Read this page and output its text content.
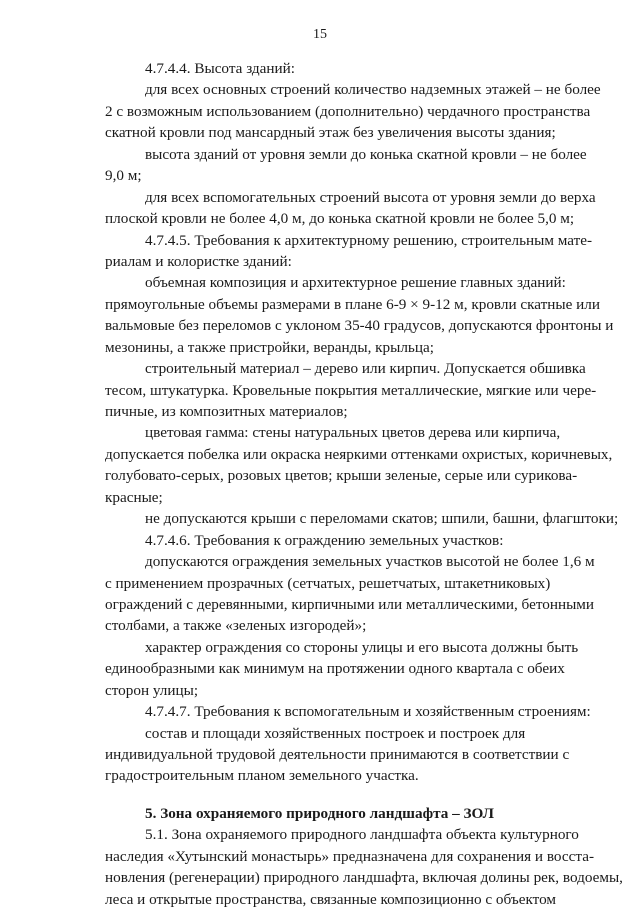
15
4.7.4.4. Высота зданий:
для всех основных строений количество надземных этажей – не более
2 с возможным использованием (дополнительно) чердачного пространства
скатной кровли под мансардный этаж без увеличения высоты здания;
высота зданий от уровня земли до конька скатной кровли – не более
9,0 м;
для всех вспомогательных строений высота от уровня земли до верха
плоской кровли не более 4,0 м, до конька скатной кровли не более 5,0 м;
4.7.4.5. Требования к архитектурному решению, строительным мате-
риалам и колористке зданий:
объемная композиция и архитектурное решение главных зданий:
прямоугольные объемы размерами в плане 6-9 × 9-12 м, кровли скатные или
вальмовые без переломов с уклоном 35-40 градусов, допускаются фронтоны и
мезонины, а также пристройки, веранды, крыльца;
строительный материал – дерево или кирпич. Допускается обшивка
тесом, штукатурка. Кровельные покрытия металлические, мягкие или чере-
пичные, из композитных материалов;
цветовая гамма: стены натуральных цветов дерева или кирпича,
допускается побелка или окраска неяркими оттенками охристых, коричневых,
голубовато-серых, розовых цветов; крыши зеленые, серые или сурикова-
красные;
не допускаются крыши с переломами скатов; шпили, башни, флагштоки;
4.7.4.6. Требования к ограждению земельных участков:
допускаются ограждения земельных участков высотой не более 1,6 м
с применением прозрачных (сетчатых, решетчатых, штакетниковых)
ограждений с деревянными, кирпичными или металлическими, бетонными
столбами, а также «зеленых изгородей»;
характер ограждения со стороны улицы и его высота должны быть
единообразными как минимум на протяжении одного квартала с обеих
сторон улицы;
4.7.4.7. Требования к вспомогательным и хозяйственным строениям:
состав и площади хозяйственных построек и построек для
индивидуальной трудовой деятельности принимаются в соответствии с
градостроительным планом земельного участка.
5. Зона охраняемого природного ландшафта – ЗОЛ
5.1. Зона охраняемого природного ландшафта объекта культурного
наследия «Хутынский монастырь» предназначена для сохранения и восста-
новления (регенерации) природного ландшафта, включая долины рек, водоемы,
леса и открытые пространства, связанные композиционно с объектом
